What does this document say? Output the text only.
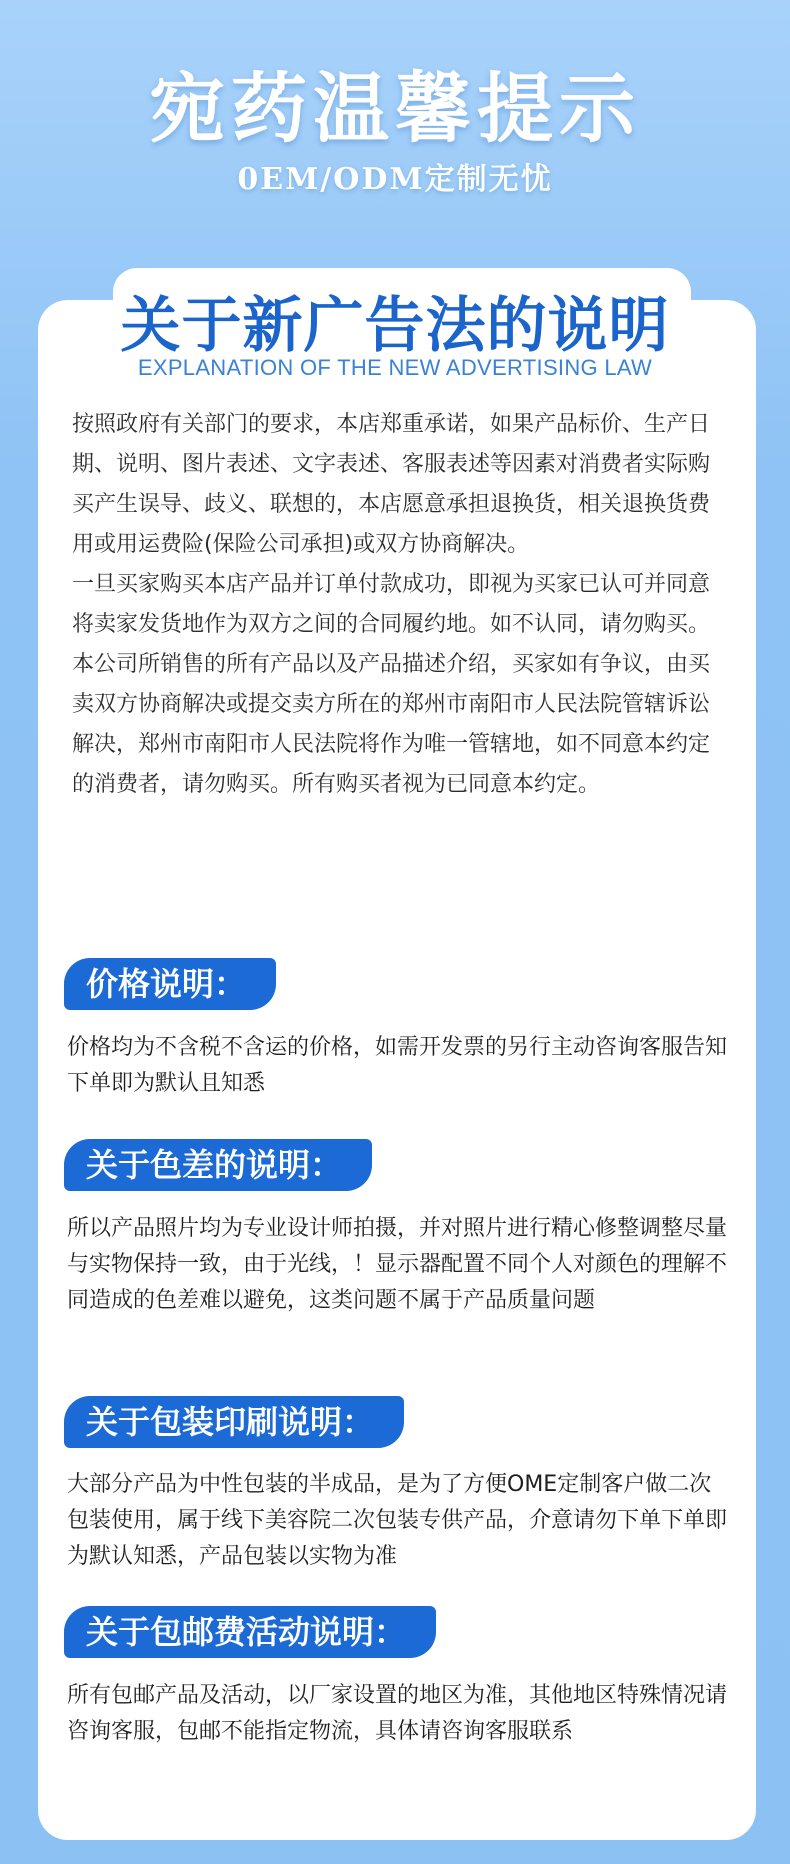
宛药温馨提示
0EM/ODM定制无忧
关于新广告法的说明
EXPLANATION OF THE NEW ADVERTISING LAW

按照政府有关部门的要求，本店郑重承诺，如果产品标价、生产日期、说明、图片表述、文字表述、客服表述等因素对消费者实际购买产生误导、歧义、联想的，本店愿意承担退换货，相关退换货费用或用运费险(保险公司承担)或双方协商解决。

一旦买家购买本店产品并订单付款成功，即视为买家已认可并同意将卖家发货地作为双方之间的合同履约地。如不认同，请勿购买。

本公司所销售的所有产品以及产品描述介绍，买家如有争议，由买卖双方协商解决或提交卖方所在的郑州市南阳市人民法院管辖诉讼解决，郑州市南阳市人民法院将作为唯一管辖地，如不同意本约定的消费者，请勿购买。所有购买者视为已同意本约定。

价格说明：

价格均为不含税不含运的价格，如需开发票的另行主动咨询客服告知下单即为默认且知悉

关于色差的说明：

所以产品照片均为专业设计师拍摄，并对照片进行精心修整调整尽量与实物保持一致，由于光线，！显示器配置不同个人对颜色的理解不同造成的色差难以避免，这类问题不属于产品质量问题

关于包装印刷说明：

大部分产品为中性包装的半成品，是为了方便OME定制客户做二次包装使用，属于线下美容院二次包装专供产品，介意请勿下单下单即为默认知悉，产品包装以实物为准

关于包邮费活动说明：

所有包邮产品及活动，以厂家设置的地区为准，其他地区特殊情况请咨询客服，包邮不能指定物流，具体请咨询客服联系
